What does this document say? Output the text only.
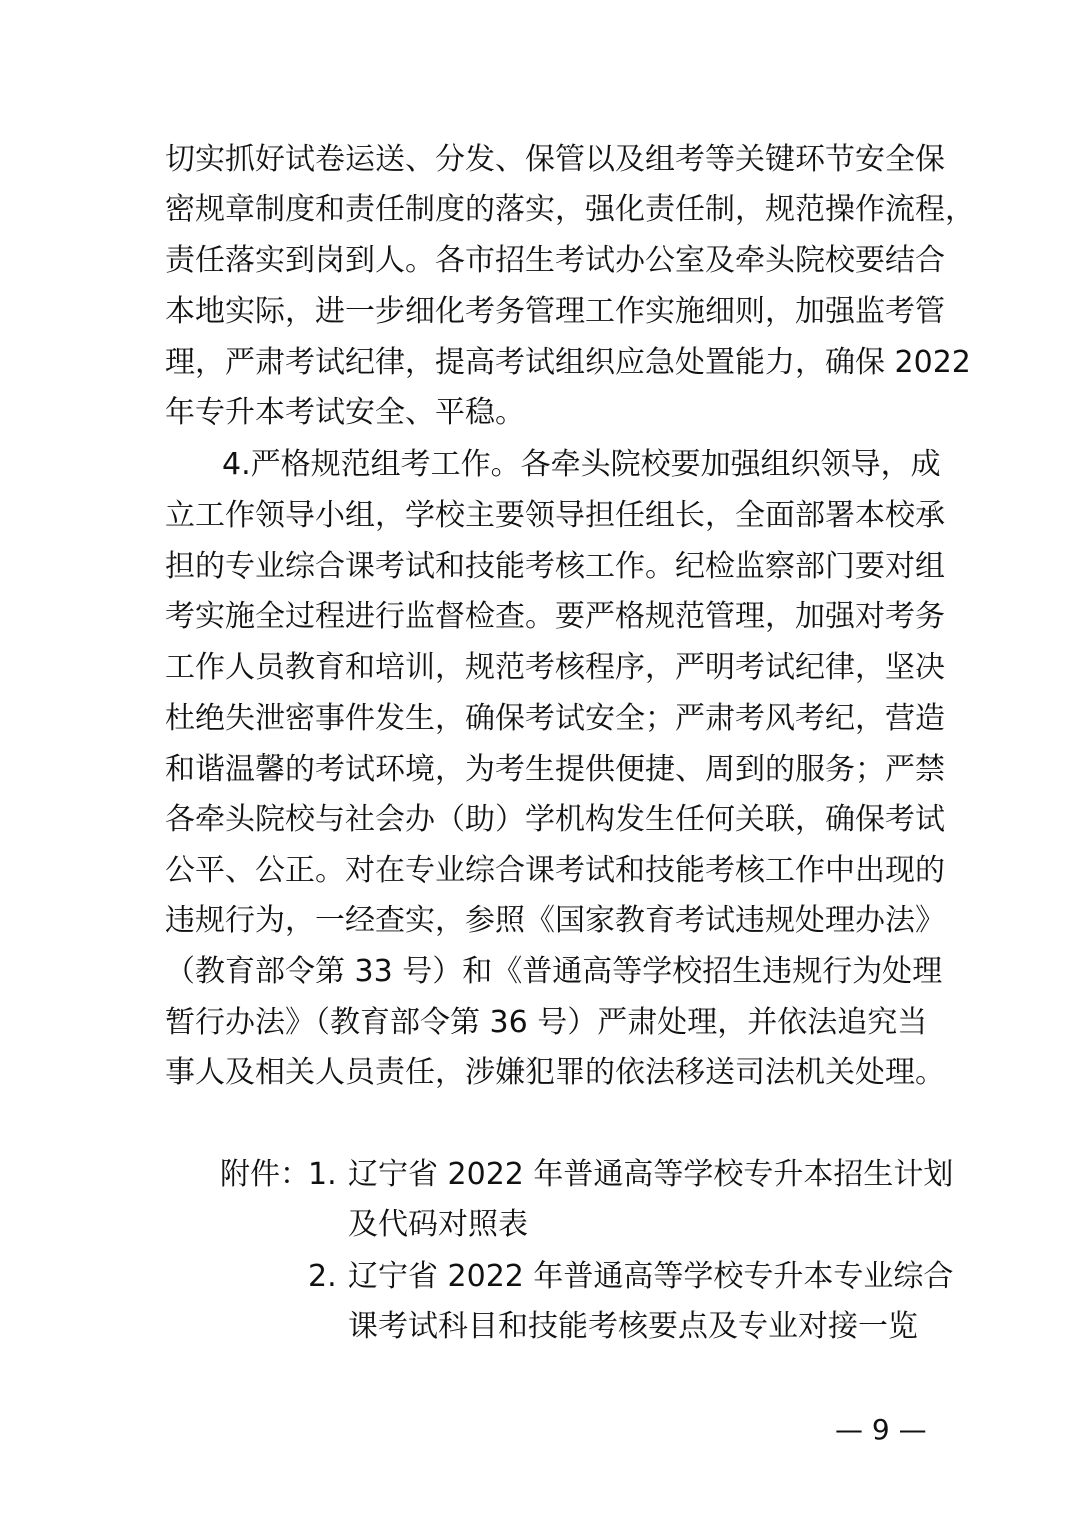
切实抓好试卷运送、分发、保管以及组考等关键环节安全保
密规章制度和责任制度的落实，强化责任制，规范操作流程，
责任落实到岗到人。各市招生考试办公室及牵头院校要结合
本地实际，进一步细化考务管理工作实施细则，加强监考管
理，严肃考试纪律，提高考试组织应急处置能力，确保 2022
年专升本考试安全、平稳。
4.严格规范组考工作。各牵头院校要加强组织领导，成
立工作领导小组，学校主要领导担任组长，全面部署本校承
担的专业综合课考试和技能考核工作。纪检监察部门要对组
考实施全过程进行监督检查。要严格规范管理，加强对考务
工作人员教育和培训，规范考核程序，严明考试纪律，坚决
杜绝失泄密事件发生，确保考试安全；严肃考风考纪，营造
和谐温馨的考试环境，为考生提供便捷、周到的服务；严禁
各牵头院校与社会办（助）学机构发生任何关联，确保考试
公平、公正。对在专业综合课考试和技能考核工作中出现的
违规行为，一经查实，参照《国家教育考试违规处理办法》
（教育部令第 33 号）和《普通高等学校招生违规行为处理
暂行办法》（教育部令第 36 号）严肃处理，并依法追究当
事人及相关人员责任，涉嫌犯罪的依法移送司法机关处理。
附件：
1. 辽宁省 2022 年普通高等学校专升本招生计划
及代码对照表
2. 辽宁省 2022 年普通高等学校专升本专业综合
课考试科目和技能考核要点及专业对接一览
— 9 —
